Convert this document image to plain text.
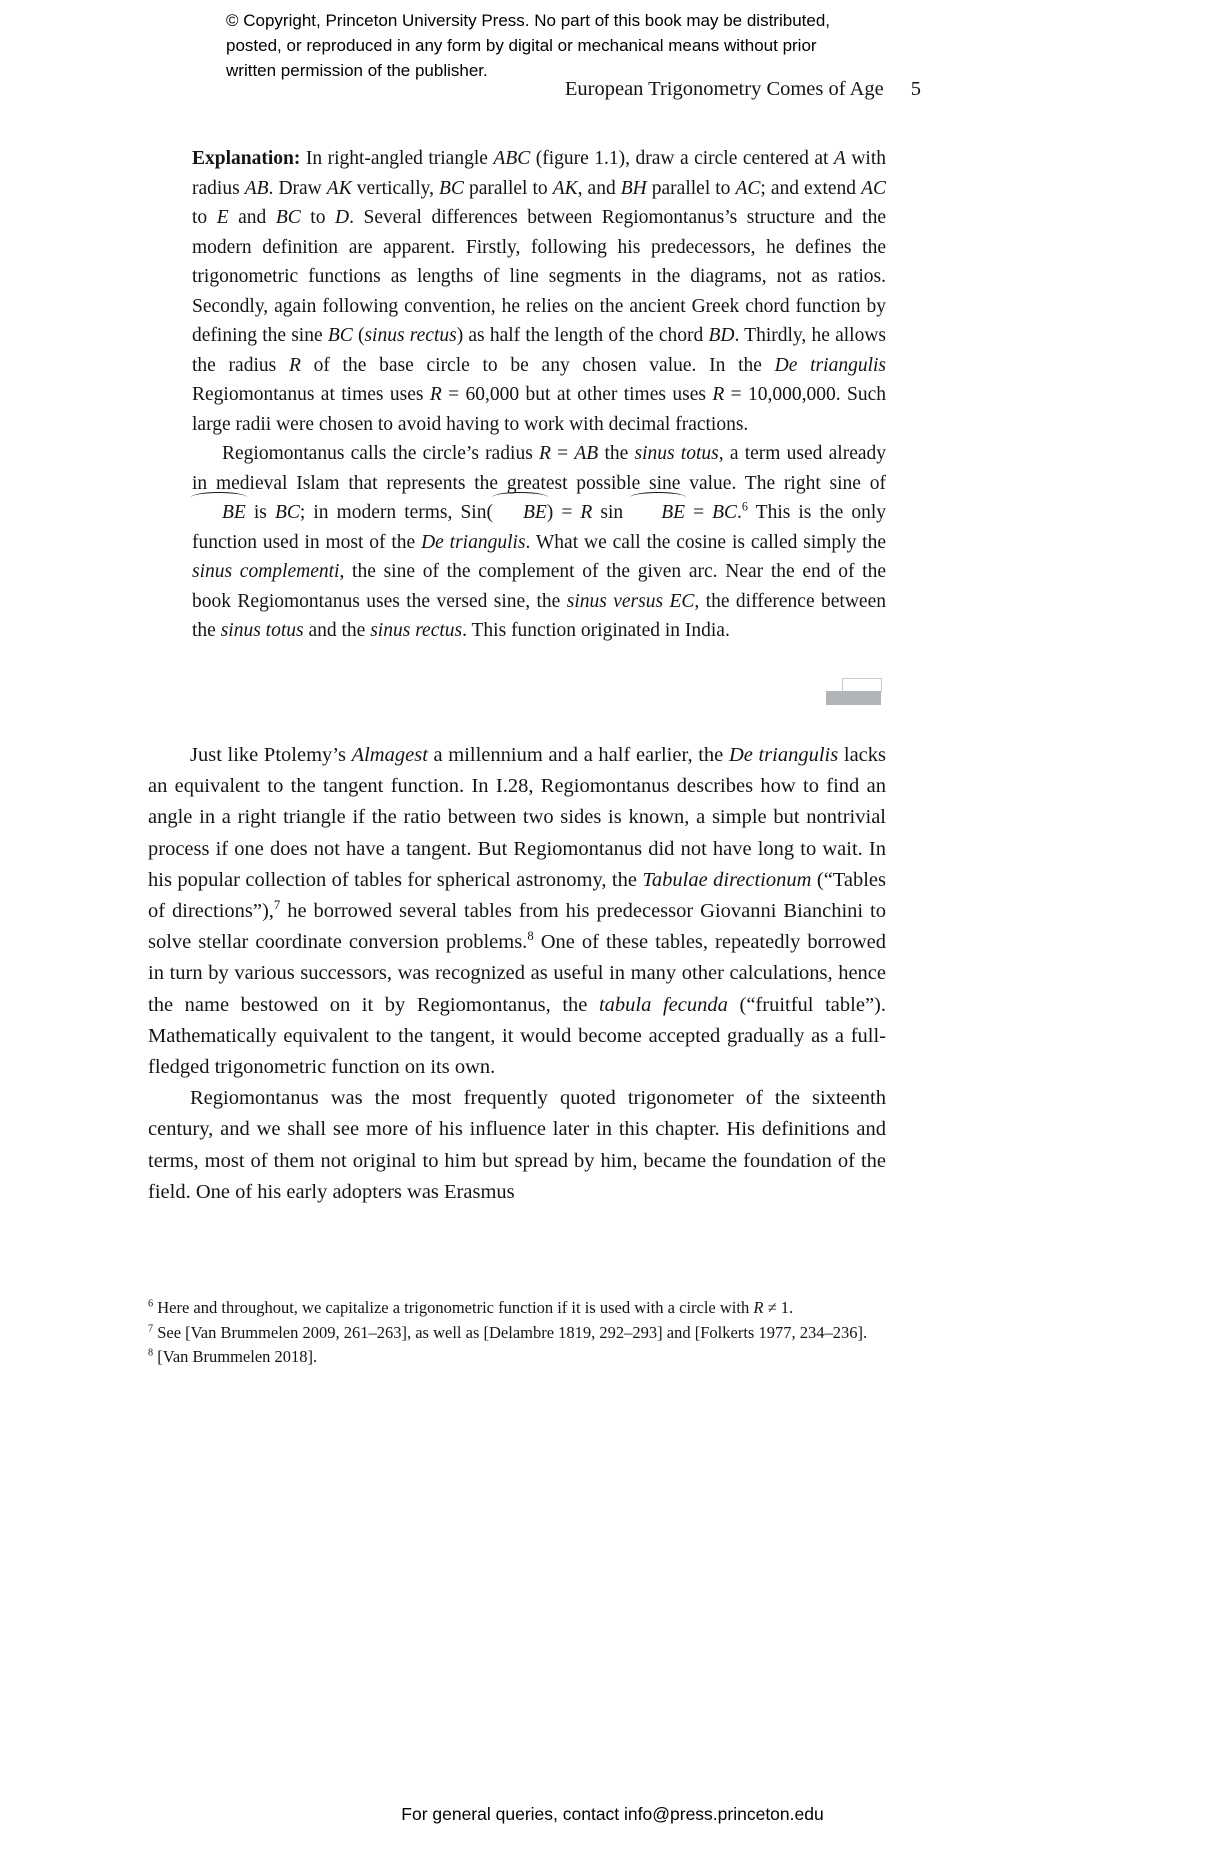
© Copyright, Princeton University Press. No part of this book may be distributed, posted, or reproduced in any form by digital or mechanical means without prior written permission of the publisher.
European Trigonometry Comes of Age 5

Explanation: In right-angled triangle ABC (figure 1.1), draw a circle centered at A with radius AB. Draw AK vertically, BC parallel to AK, and BH parallel to AC; and extend AC to E and BC to D. Several differences between Regiomontanus’s structure and the modern definition are apparent. Firstly, following his predecessors, he defines the trigonometric functions as lengths of line segments in the diagrams, not as ratios. Secondly, again following convention, he relies on the ancient Greek chord function by defining the sine BC (sinus rectus) as half the length of the chord BD. Thirdly, he allows the radius R of the base circle to be any chosen value. In the De triangulis Regiomontanus at times uses R = 60,000 but at other times uses R = 10,000,000. Such large radii were chosen to avoid having to work with decimal fractions.

Regiomontanus calls the circle’s radius R = AB the sinus totus, a term used already in medieval Islam that represents the greatest possible sine value. The right sine of BE is BC; in modern terms, Sin( BE) = R sin BE = BC.$^6$ This is the only function used in most of the De triangulis. What we call the cosine is called simply the sinus complementi, the sine of the complement of the given arc. Near the end of the book Regiomontanus uses the versed sine, the sinus versus EC, the difference between the sinus totus and the sinus rectus. This function originated in India.

Just like Ptolemy’s Almagest a millennium and a half earlier, the De triangulis lacks an equivalent to the tangent function. In I.28, Regiomontanus describes how to find an angle in a right triangle if the ratio between two sides is known, a simple but nontrivial process if one does not have a tangent. But Regiomontanus did not have long to wait. In his popular collection of tables for spherical astronomy, the Tabulae directionum (“Tables of directions”),$^7$ he borrowed several tables from his predecessor Giovanni Bianchini to solve stellar coordinate conversion problems.$^8$ One of these tables, repeatedly borrowed in turn by various successors, was recognized as useful in many other calculations, hence the name bestowed on it by Regiomontanus, the tabula fecunda (“fruitful table”). Mathematically equivalent to the tangent, it would become accepted gradually as a full-fledged trigonometric function on its own.

Regiomontanus was the most frequently quoted trigonometer of the sixteenth century, and we shall see more of his influence later in this chapter. His definitions and terms, most of them not original to him but spread by him, became the foundation of the field. One of his early adopters was Erasmus

$^6$ Here and throughout, we capitalize a trigonometric function if it is used with a circle with R ≠ 1.

$^7$ See [Van Brummelen 2009, 261–263], as well as [Delambre 1819, 292–293] and [Folkerts 1977, 234–236].

$^8$ [Van Brummelen 2018].

For general queries, contact info@press.princeton.edu
